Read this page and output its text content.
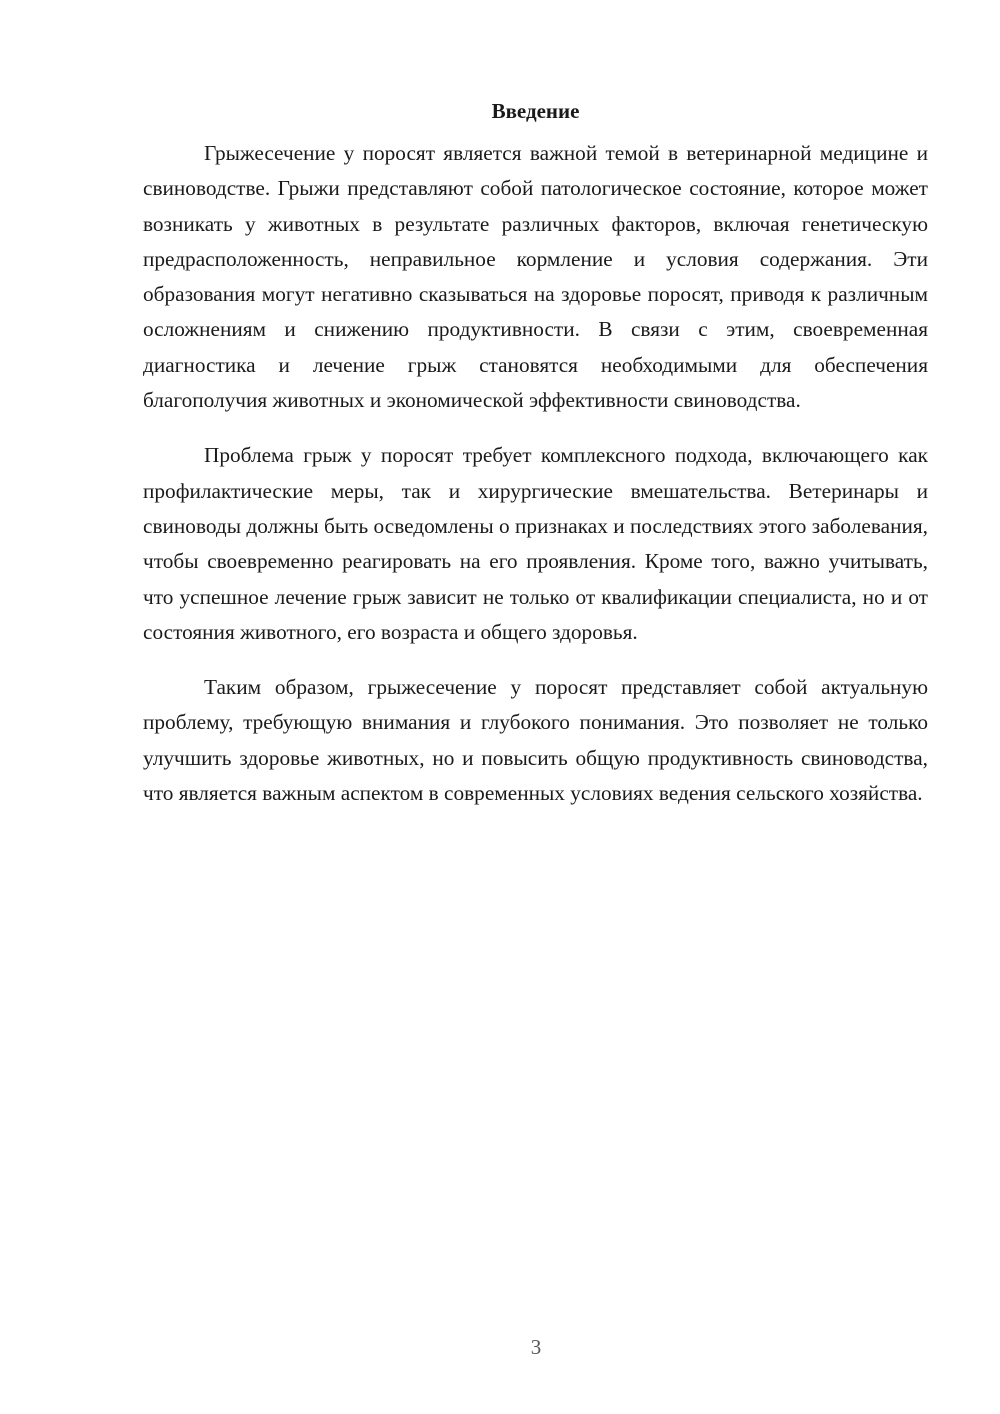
Введение

Грыжесечение у поросят является важной темой в ветеринарной медицине и свиноводстве. Грыжи представляют собой патологическое состояние, которое может возникать у животных в результате различных факторов, включая генетическую предрасположенность, неправильное кормление и условия содержания. Эти образования могут негативно сказываться на здоровье поросят, приводя к различным осложнениям и снижению продуктивности. В связи с этим, своевременная диагностика и лечение грыж становятся необходимыми для обеспечения благополучия животных и экономической эффективности свиноводства.

Проблема грыж у поросят требует комплексного подхода, включающего как профилактические меры, так и хирургические вмешательства. Ветеринары и свиноводы должны быть осведомлены о признаках и последствиях этого заболевания, чтобы своевременно реагировать на его проявления. Кроме того, важно учитывать, что успешное лечение грыж зависит не только от квалификации специалиста, но и от состояния животного, его возраста и общего здоровья.

Таким образом, грыжесечение у поросят представляет собой актуальную проблему, требующую внимания и глубокого понимания. Это позволяет не только улучшить здоровье животных, но и повысить общую продуктивность свиноводства, что является важным аспектом в современных условиях ведения сельского хозяйства.

3
